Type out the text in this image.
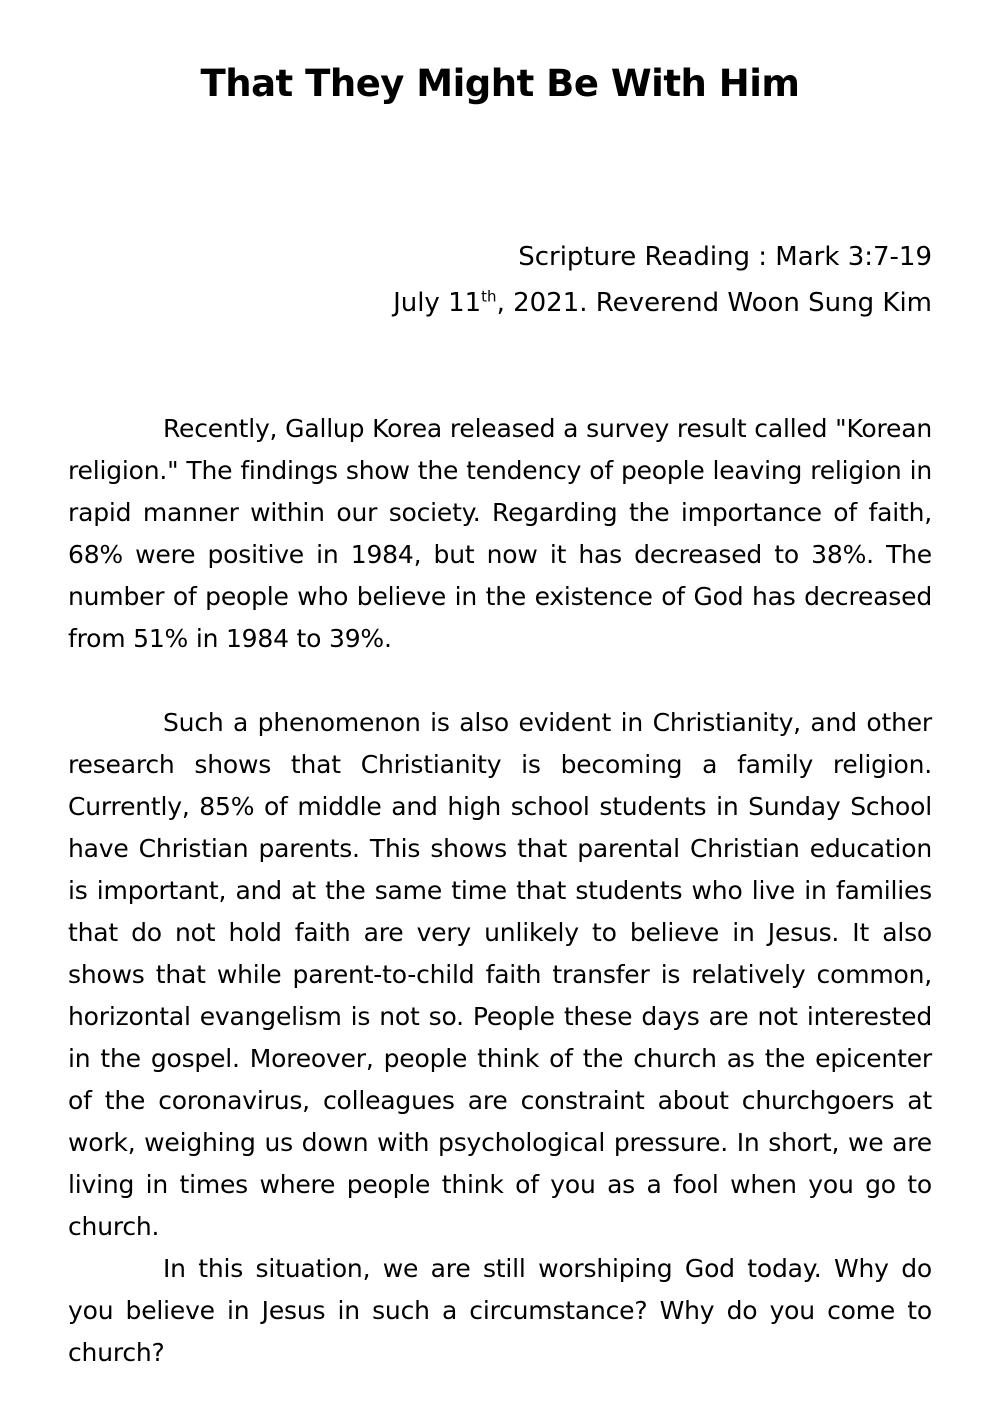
That They Might Be With Him
Scripture Reading : Mark 3:7-19
July 11th, 2021. Reverend Woon Sung Kim

Recently, Gallup Korea released a survey result called "Korean religion." The findings show the tendency of people leaving religion in rapid manner within our society. Regarding the importance of faith, 68% were positive in 1984, but now it has decreased to 38%. The number of people who believe in the existence of God has decreased from 51% in 1984 to 39%.

Such a phenomenon is also evident in Christianity, and other research shows that Christianity is becoming a family religion. Currently, 85% of middle and high school students in Sunday School have Christian parents. This shows that parental Christian education is important, and at the same time that students who live in families that do not hold faith are very unlikely to believe in Jesus. It also shows that while parent-to-child faith transfer is relatively common, horizontal evangelism is not so. People these days are not interested in the gospel. Moreover, people think of the church as the epicenter of the coronavirus, colleagues are constraint about churchgoers at work, weighing us down with psychological pressure. In short, we are living in times where people think of you as a fool when you go to church.

In this situation, we are still worshiping God today. Why do you believe in Jesus in such a circumstance? Why do you come to church?
